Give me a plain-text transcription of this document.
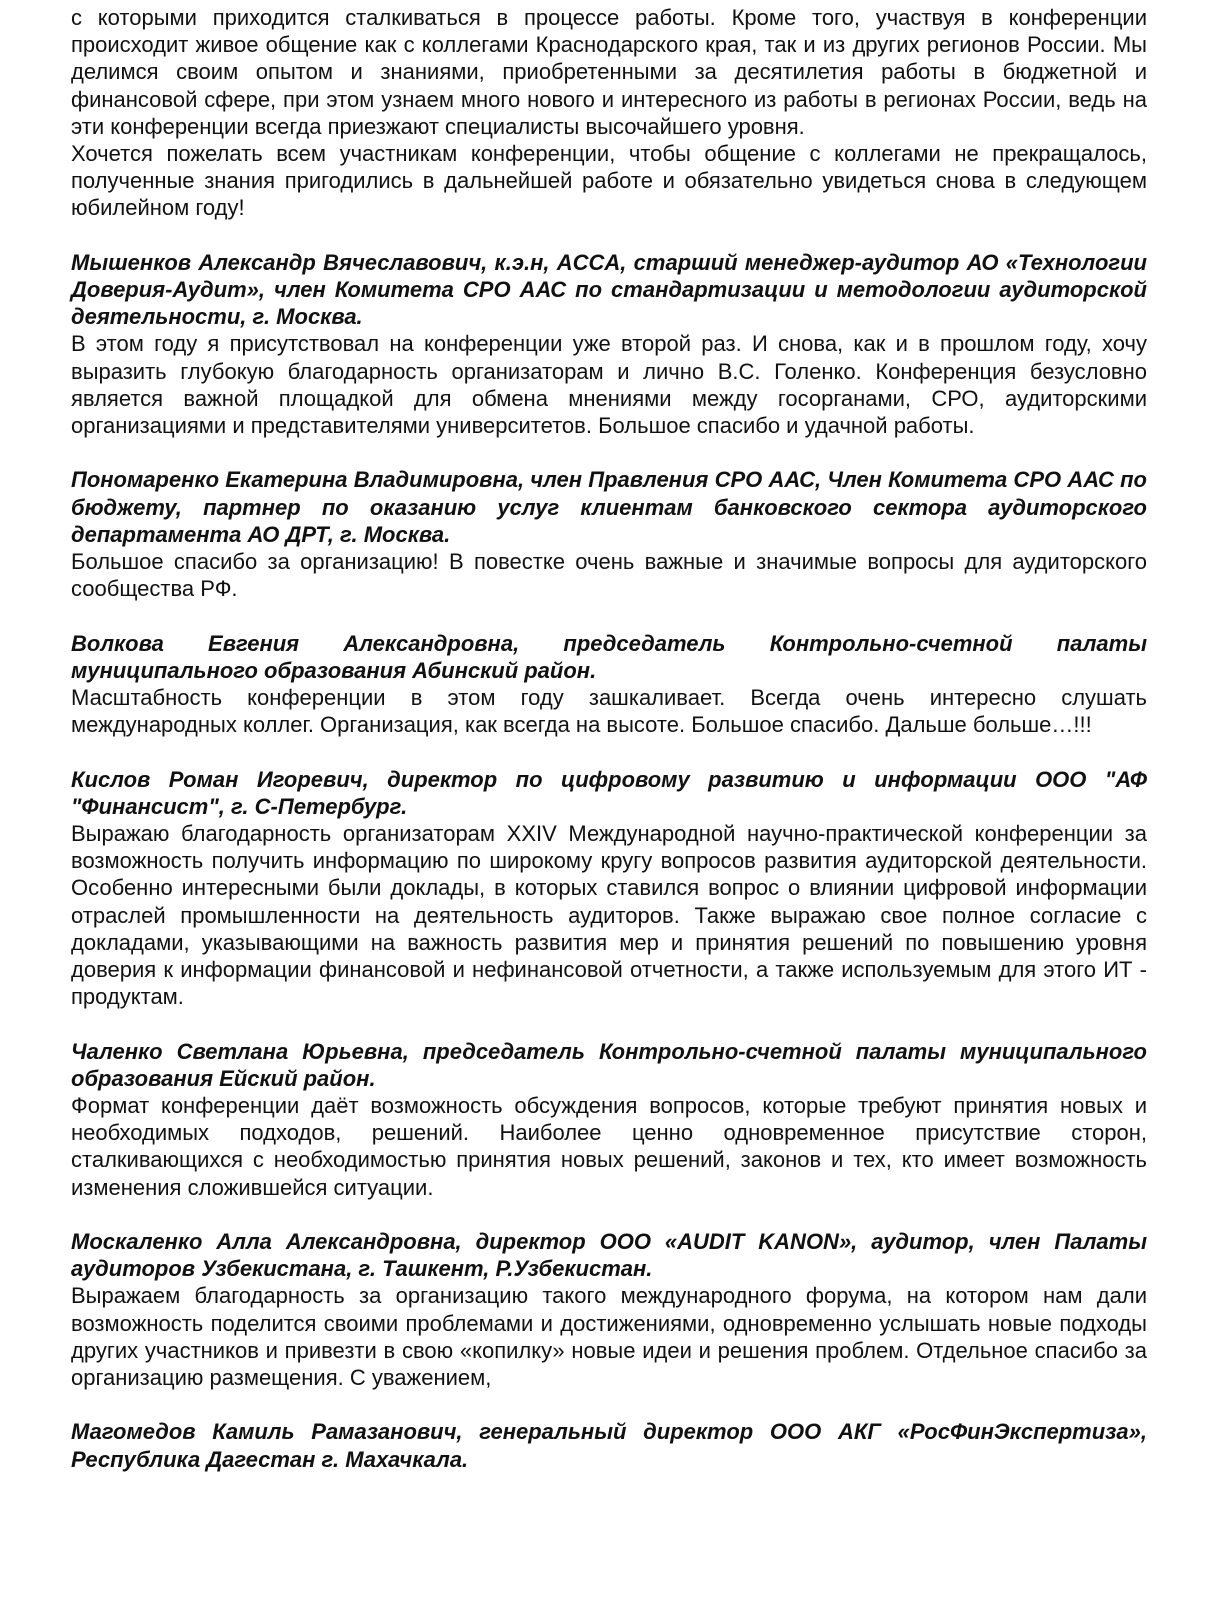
с которыми приходится сталкиваться в процессе работы. Кроме того, участвуя в конференции происходит живое общение как с коллегами Краснодарского края, так и из других регионов России. Мы делимся своим опытом и знаниями, приобретенными за десятилетия работы в бюджетной и финансовой сфере, при этом узнаем много нового и интересного из работы в регионах России, ведь на эти конференции всегда приезжают специалисты высочайшего уровня.

Хочется пожелать всем участникам конференции, чтобы общение с коллегами не прекращалось, полученные знания пригодились в дальнейшей работе и обязательно увидеться снова в следующем юбилейном году!

Мышенков Александр Вячеславович, к.э.н, ACCA, старший менеджер-аудитор АО «Технологии Доверия-Аудит», член Комитета СРО ААС по стандартизации и методологии аудиторской деятельности, г. Москва.

В этом году я присутствовал на конференции уже второй раз. И снова, как и в прошлом году, хочу выразить глубокую благодарность организаторам и лично В.С. Голенко. Конференция безусловно является важной площадкой для обмена мнениями между госорганами, СРО, аудиторскими организациями и представителями университетов. Большое спасибо и удачной работы.

Пономаренко Екатерина Владимировна, член Правления СРО ААС, Член Комитета СРО ААС по бюджету, партнер по оказанию услуг клиентам банковского сектора аудиторского департамента АО ДРТ, г. Москва.

Большое спасибо за организацию! В повестке очень важные и значимые вопросы для аудиторского сообщества РФ.

Волкова Евгения Александровна, председатель Контрольно-счетной палаты муниципального образования Абинский район.

Масштабность конференции в этом году зашкаливает. Всегда очень интересно слушать международных коллег. Организация, как всегда на высоте. Большое спасибо. Дальше больше…!!!

Кислов Роман Игоревич, директор по цифровому развитию и информации ООО "АФ "Финансист", г. С-Петербург.

Выражаю благодарность организаторам XXIV Международной научно-практической конференции за возможность получить информацию по широкому кругу вопросов развития аудиторской деятельности. Особенно интересными были доклады, в которых ставился вопрос о влиянии цифровой информации отраслей промышленности на деятельность аудиторов. Также выражаю свое полное согласие с докладами, указывающими на важность развития мер и принятия решений по повышению уровня доверия к информации финансовой и нефинансовой отчетности, а также используемым для этого ИТ - продуктам.

Чаленко Светлана Юрьевна, председатель Контрольно-счетной палаты муниципального образования Ейский район.

Формат конференции даёт возможность обсуждения вопросов, которые требуют принятия новых и необходимых подходов, решений. Наиболее ценно одновременное присутствие сторон, сталкивающихся с необходимостью принятия новых решений, законов и тех, кто имеет возможность изменения сложившейся ситуации.

Москаленко Алла Александровна, директор ООО «AUDIT KANON», аудитор, член Палаты аудиторов Узбекистана, г. Ташкент, Р.Узбекистан.

Выражаем благодарность за организацию такого международного форума, на котором нам дали возможность поделится своими проблемами и достижениями, одновременно услышать новые подходы других участников и привезти в свою «копилку» новые идеи и решения проблем. Отдельное спасибо за организацию размещения. С уважением,

Магомедов Камиль Рамазанович, генеральный директор ООО АКГ «РосФинЭкспертиза», Республика Дагестан г. Махачкала.
